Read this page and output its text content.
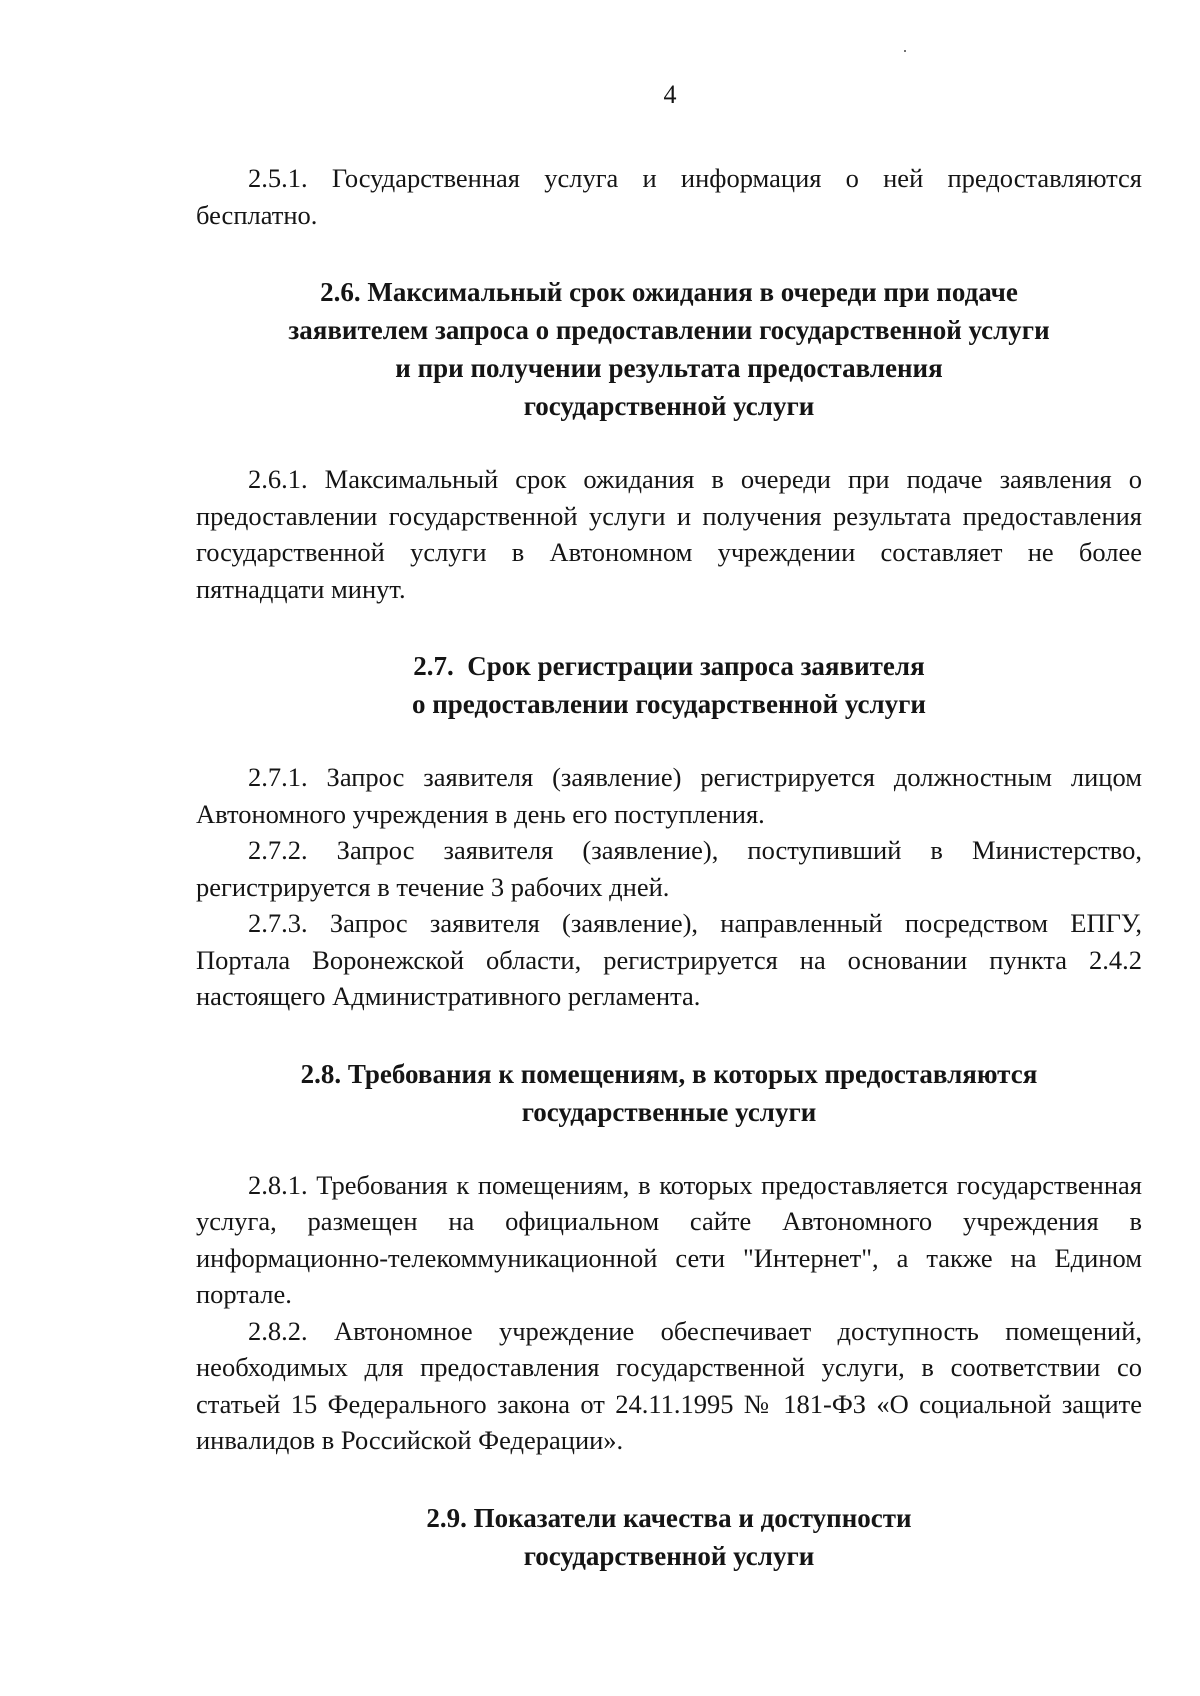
4

2.5.1. Государственная услуга и информация о ней предоставляются бесплатно.

2.6. Максимальный срок ожидания в очереди при подаче
заявителем запроса о предоставлении государственной услуги
и при получении результата предоставления
государственной услуги

2.6.1. Максимальный срок ожидания в очереди при подаче заявления о предоставлении государственной услуги и получения результата предоставления государственной услуги в Автономном учреждении составляет не более пятнадцати минут.

2.7.  Срок регистрации запроса заявителя
о предоставлении государственной услуги

2.7.1. Запрос заявителя (заявление) регистрируется должностным лицом Автономного учреждения в день его поступления.

2.7.2. Запрос заявителя (заявление), поступивший в Министерство, регистрируется в течение 3 рабочих дней.

2.7.3. Запрос заявителя (заявление), направленный посредством ЕПГУ, Портала Воронежской области, регистрируется на основании пункта 2.4.2 настоящего Административного регламента.

2.8. Требования к помещениям, в которых предоставляются
государственные услуги

2.8.1. Требования к помещениям, в которых предоставляется государственная услуга, размещен на официальном сайте Автономного учреждения в информационно-телекоммуникационной сети "Интернет", а также на Едином портале.

2.8.2. Автономное учреждение обеспечивает доступность помещений, необходимых для предоставления государственной услуги, в соответствии со статьей 15 Федерального закона от 24.11.1995 № 181-ФЗ «О социальной защите инвалидов в Российской Федерации».

2.9. Показатели качества и доступности
государственной услуги
